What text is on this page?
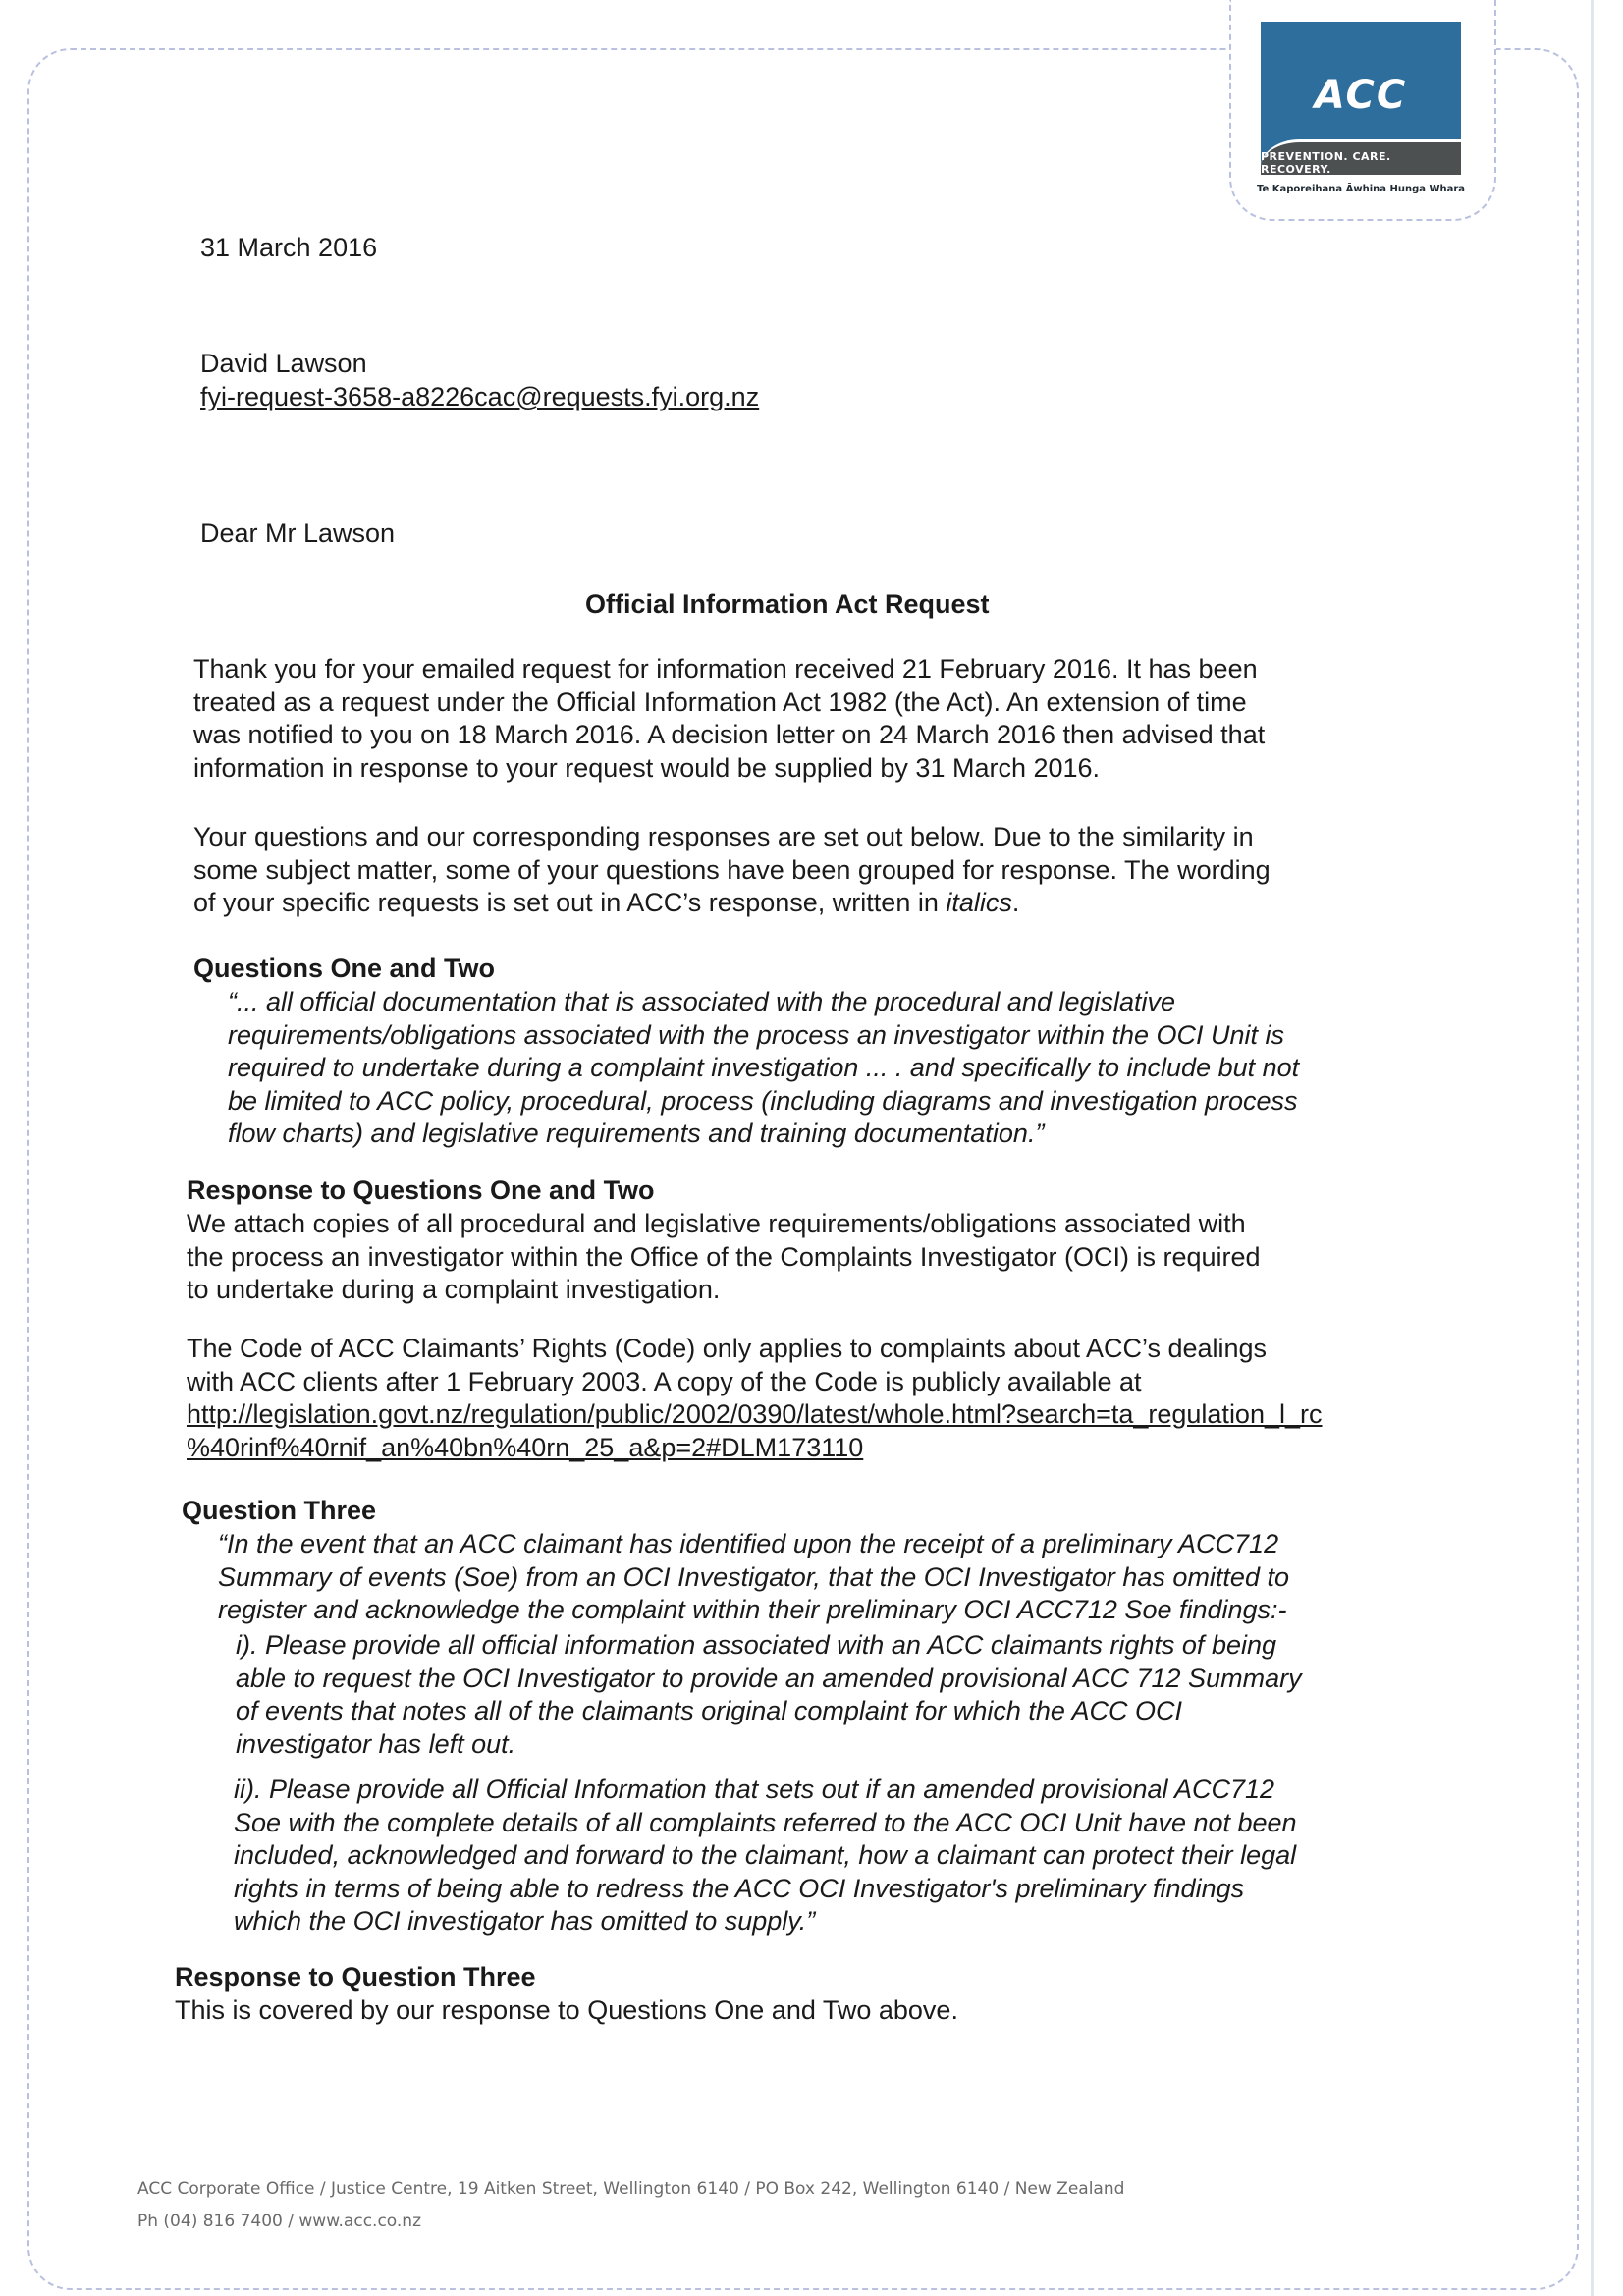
ACC
PREVENTION. CARE. RECOVERY.
Te Kaporeihana Āwhina Hunga Whara
31 March 2016
David Lawson
fyi-request-3658-a8226cac@requests.fyi.org.nz
Dear Mr Lawson
Official Information Act Request
Thank you for your emailed request for information received 21 February 2016. It has been
treated as a request under the Official Information Act 1982 (the Act). An extension of time
was notified to you on 18 March 2016. A decision letter on 24 March 2016 then advised that
information in response to your request would be supplied by 31 March 2016.
Your questions and our corresponding responses are set out below. Due to the similarity in
some subject matter, some of your questions have been grouped for response. The wording
of your specific requests is set out in ACC’s response, written in italics.
Questions One and Two
“... all official documentation that is associated with the procedural and legislative
requirements/obligations associated with the process an investigator within the OCI Unit is
required to undertake during a complaint investigation ... . and specifically to include but not
be limited to ACC policy, procedural, process (including diagrams and investigation process
flow charts) and legislative requirements and training documentation.”
Response to Questions One and Two
We attach copies of all procedural and legislative requirements/obligations associated with
the process an investigator within the Office of the Complaints Investigator (OCI) is required
to undertake during a complaint investigation.
The Code of ACC Claimants’ Rights (Code) only applies to complaints about ACC’s dealings
with ACC clients after 1 February 2003. A copy of the Code is publicly available at
http://legislation.govt.nz/regulation/public/2002/0390/latest/whole.html?search=ta_regulation_l_rc
%40rinf%40rnif_an%40bn%40rn_25_a&p=2#DLM173110
Question Three
“In the event that an ACC claimant has identified upon the receipt of a preliminary ACC712
Summary of events (Soe) from an OCI Investigator, that the OCI Investigator has omitted to
register and acknowledge the complaint within their preliminary OCI ACC712 Soe findings:-
i). Please provide all official information associated with an ACC claimants rights of being
able to request the OCI Investigator to provide an amended provisional ACC 712 Summary
of events that notes all of the claimants original complaint for which the ACC OCI
investigator has left out.
ii). Please provide all Official Information that sets out if an amended provisional ACC712
Soe with the complete details of all complaints referred to the ACC OCI Unit have not been
included, acknowledged and forward to the claimant, how a claimant can protect their legal
rights in terms of being able to redress the ACC OCI Investigator's preliminary findings
which the OCI investigator has omitted to supply.”
Response to Question Three
This is covered by our response to Questions One and Two above.
ACC Corporate Office / Justice Centre, 19 Aitken Street, Wellington 6140 / PO Box 242, Wellington 6140 / New Zealand
Ph (04) 816 7400 / www.acc.co.nz
